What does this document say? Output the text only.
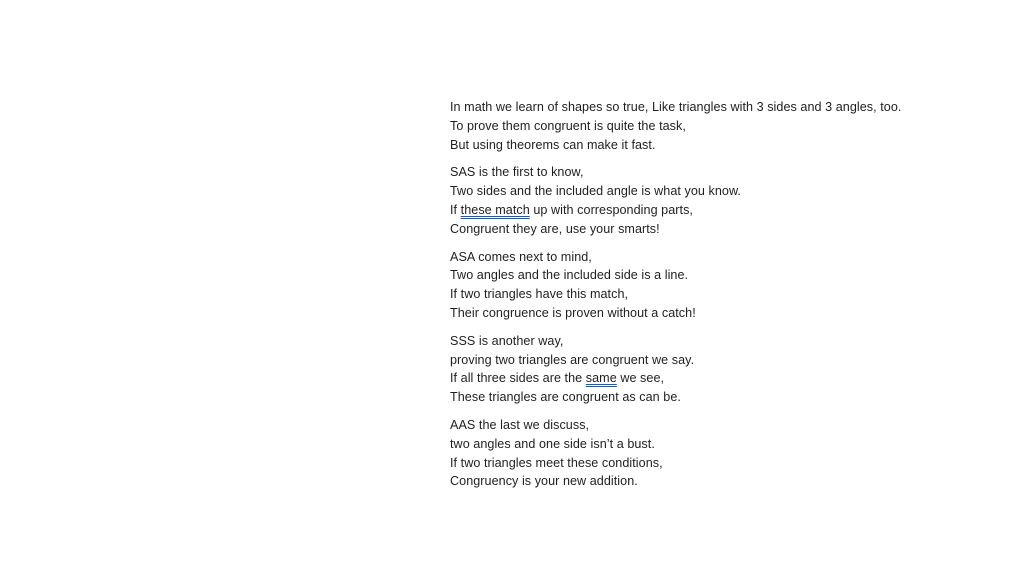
In math we learn of shapes so true, Like triangles with 3 sides and 3 angles, too.
To prove them congruent is quite the task,
But using theorems can make it fast.
SAS is the first to know,
Two sides and the included angle is what you know.
If these match up with corresponding parts,
Congruent they are, use your smarts!
ASA comes next to mind,
Two angles and the included side is a line.
If two triangles have this match,
Their congruence is proven without a catch!
SSS is another way,
proving two triangles are congruent we say.
If all three sides are the same we see,
These triangles are congruent as can be.
AAS the last we discuss,
two angles and one side isn’t a bust.
If two triangles meet these conditions,
Congruency is your new addition.
